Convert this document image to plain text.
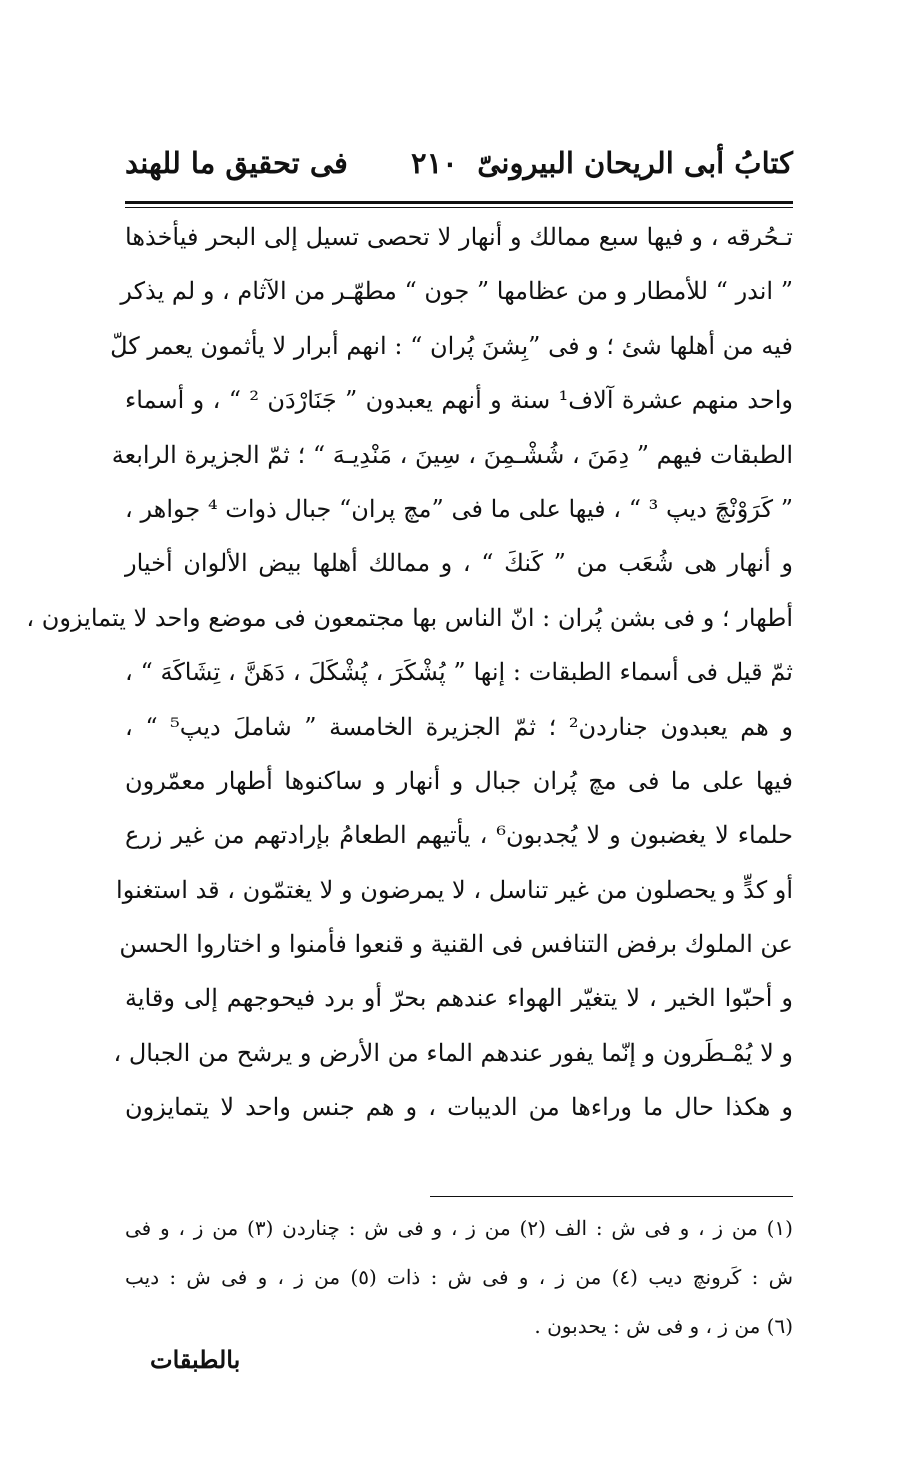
كتابُ أبى الريحان البيرونىّ
٢١٠
فى تحقيق ما للهند
تـحُرقه ، و فيها سبع ممالك و أنهار لا تحصى تسيل إلى البحر فيأخذها
” اندر “ للأمطار و من عظامها ” جون “ مطهّـر من الآثام ، و لم يذكر
فيه من أهلها شئ ؛ و فى ”بِشنَ پُران “ : انهم أبرار لا يأثمون يعمر كلّ
واحد منهم عشرة آلاف¹ سنة و أنهم يعبدون ” جَنَارْدَن ² “ ، و أسماء
الطبقات فيهم ” دِمَنَ ، شُشْـمِنَ ، سِينَ ، مَنْدِيـهَ “ ؛ ثمّ الجزيرة الرابعة
” كَرَوْنْچَ ديپ ³ “ ، فيها على ما فى ”مچ پران“ جبال ذوات ⁴ جواهر ،
و أنهار هى شُعَب من ” كَنكَ “ ، و ممالك أهلها بيض الألوان أخيار
أطهار ؛ و فى بشن پُران : انّ الناس بها مجتمعون فى موضع واحد لا يتمايزون ،
ثمّ قيل فى أسماء الطبقات : إنها ” پُشْكَرَ ، پُشْكَلَ ، دَهَنَّ ، تِشَاكَهَ “ ،
و هم يعبدون جناردن² ؛ ثمّ الجزيرة الخامسة ” شاملَ ديپ⁵ “ ،
فيها على ما فى مچ پُران جبال و أنهار و ساكنوها أطهار معمّرون
حلماء لا يغضبون و لا يُجدبون⁶ ، يأتيهم الطعامُ بإرادتهم من غير زرع
أو كدٍّ و يحصلون من غير تناسل ، لا يمرضون و لا يغتمّون ، قد استغنوا
عن الملوك برفض التنافس فى القنية و قنعوا فأمنوا و اختاروا الحسن
و أحبّوا الخير ، لا يتغيّر الهواء عندهم بحرّ أو برد فيحوجهم إلى وقاية
و لا يُمْـطَرون و إنّما يفور عندهم الماء من الأرض و يرشح من الجبال ،
و هكذا حال ما وراءها من الديبات ، و هم جنس واحد لا يتمايزون
(١) من ز ، و فى ش : الف (٢) من ز ، و فى ش : چناردن (٣) من ز ، و فى
ش : كَرونچ ديب (٤) من ز ، و فى ش : ذات (٥) من ز ، و فى ش : ديب
(٦) من ز ، و فى ش : يحدبون .
بالطبقات
